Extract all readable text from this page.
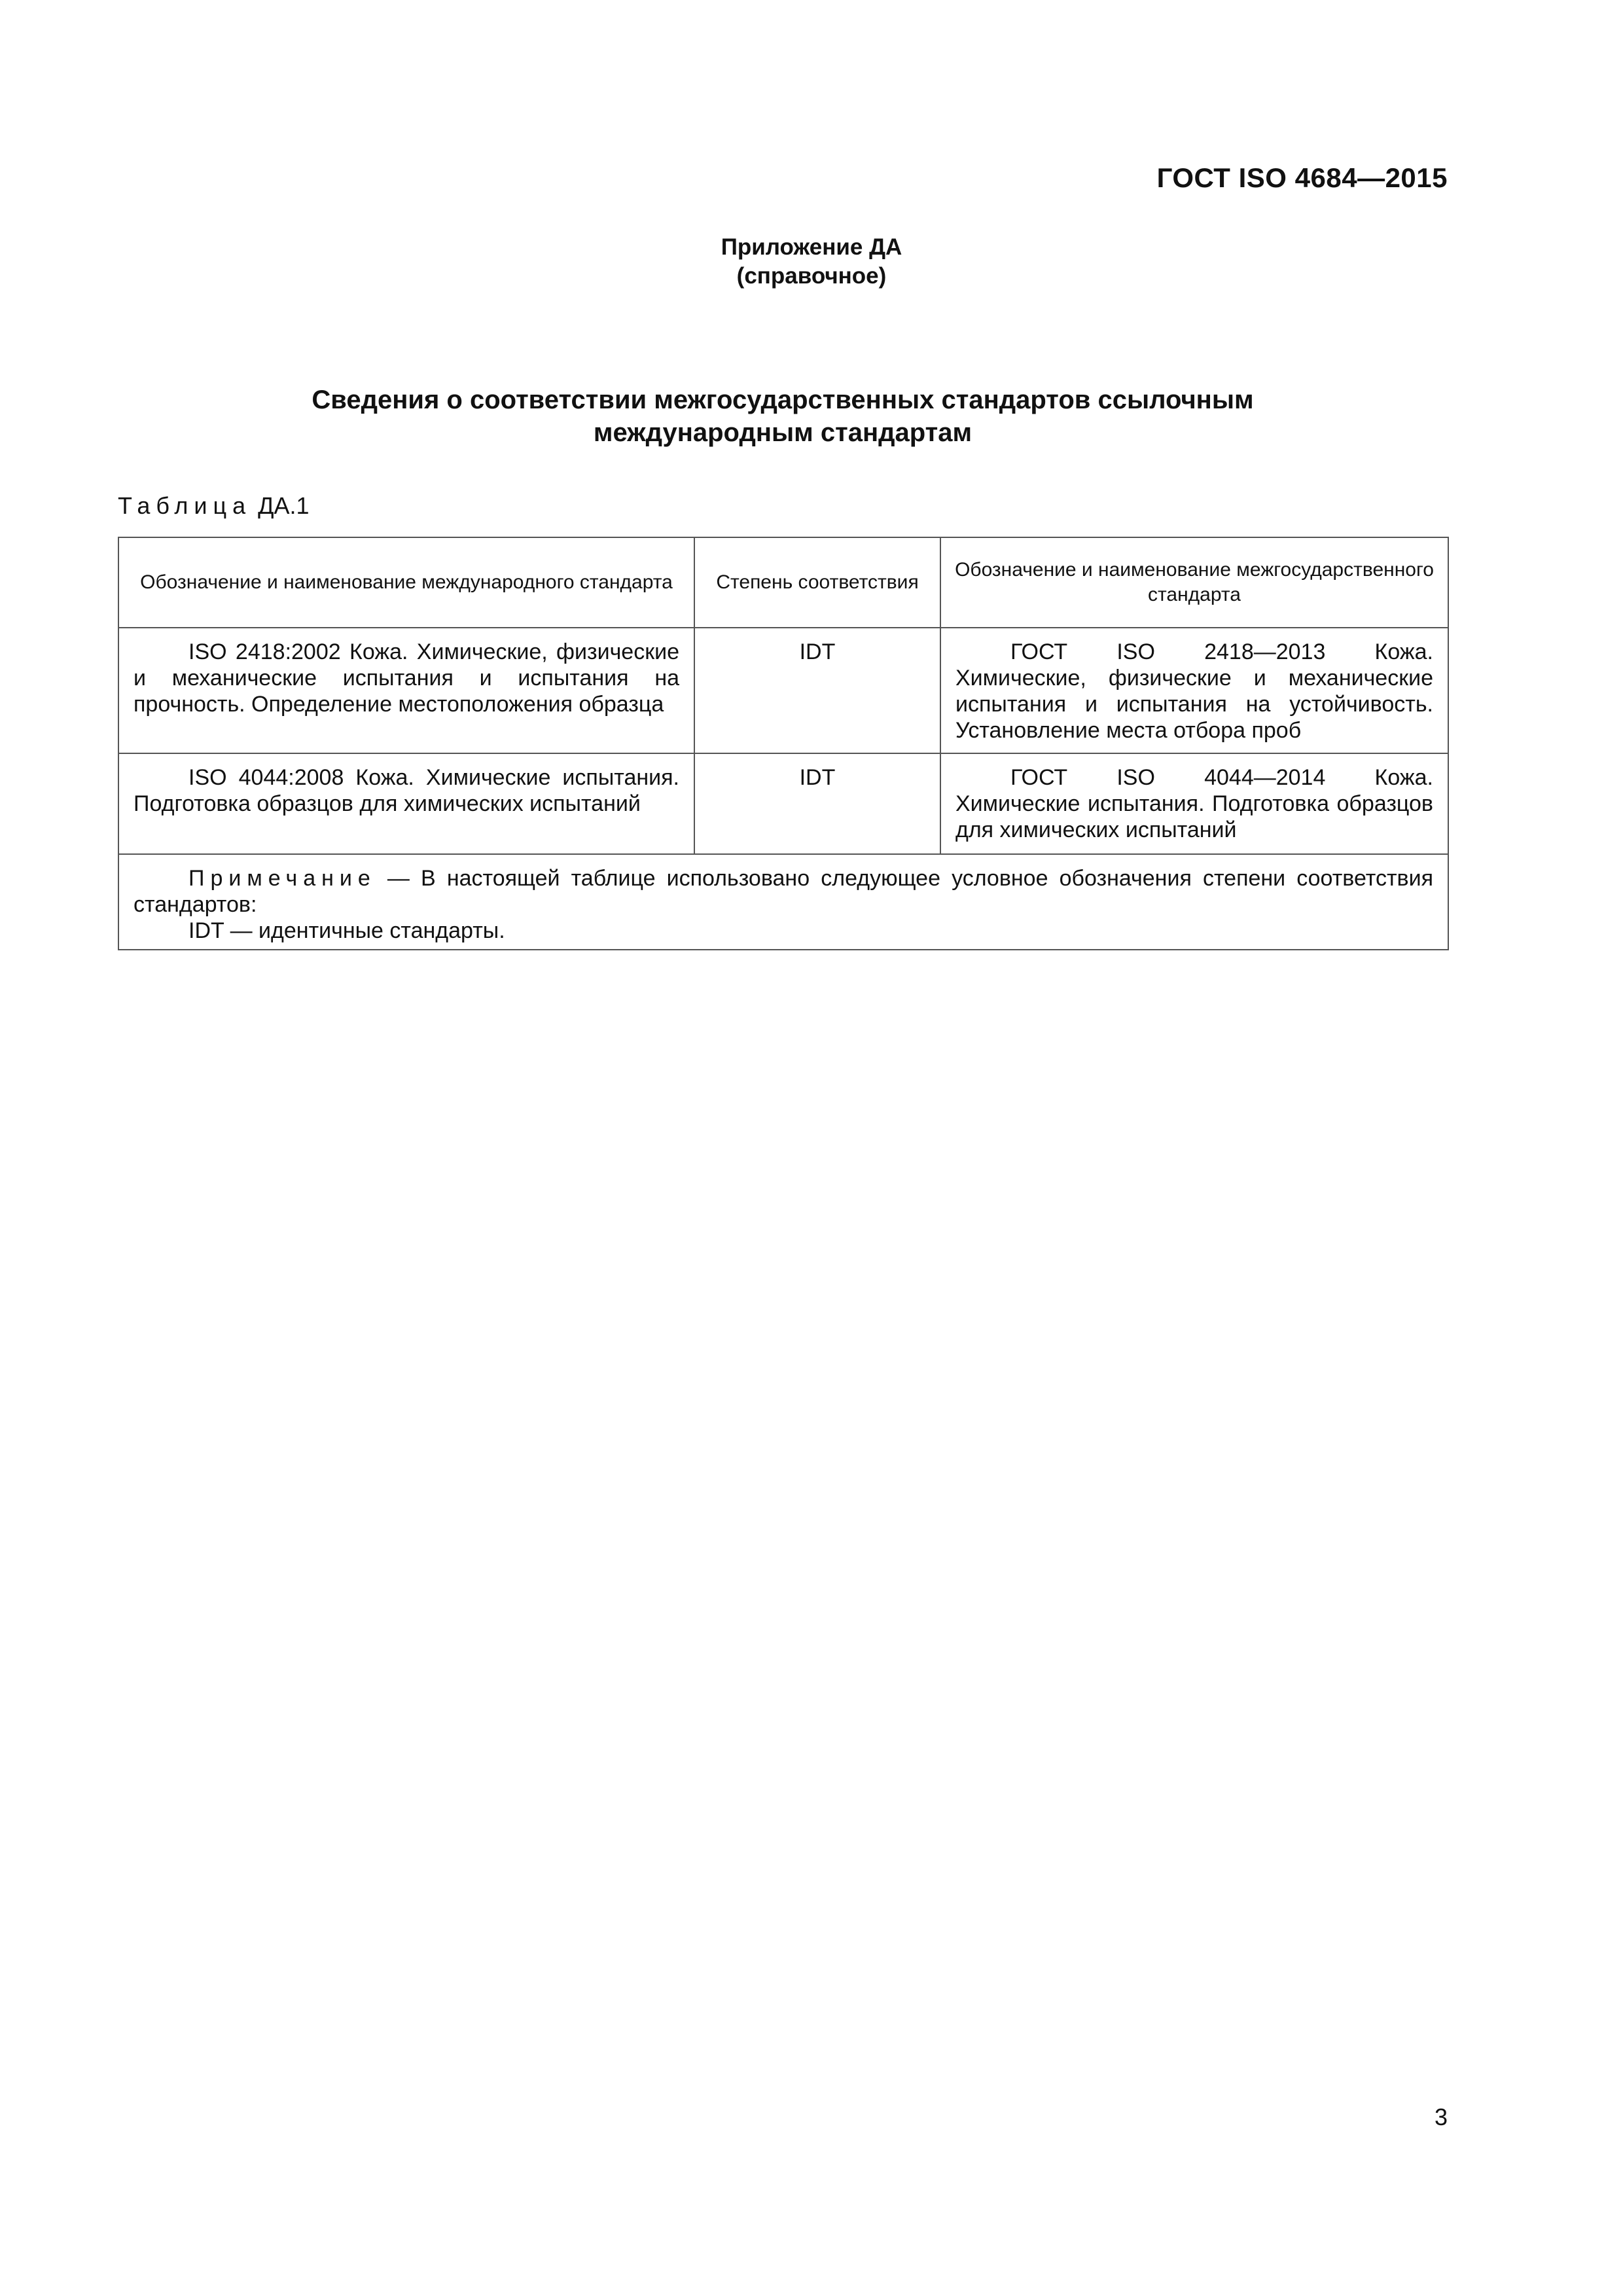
ГОСТ ISO 4684—2015
Приложение ДА
(справочное)
Сведения о соответствии межгосударственных стандартов ссылочным
международным стандартам
Таблица ДА.1
Обозначение и наименование международного стандарта	Степень соответствия	Обозначение и наименование межгосударственного стандарта
ISO 2418:2002 Кожа. Химические, физические и механические испытания и испытания на прочность. Определение местоположения образца	IDT	ГОСТ ISO 2418—2013 Кожа. Химические, физические и механические испытания и испытания на устойчивость. Установление места отбора проб
ISO 4044:2008 Кожа. Химические испытания. Подготовка образцов для химических испытаний	IDT	ГОСТ ISO 4044—2014 Кожа. Химические испытания. Подготовка образцов для химических испытаний

Примечание — В настоящей таблице использовано следующее условное обозначения степени соответствия стандартов:
IDT — идентичные стандарты.		
3
